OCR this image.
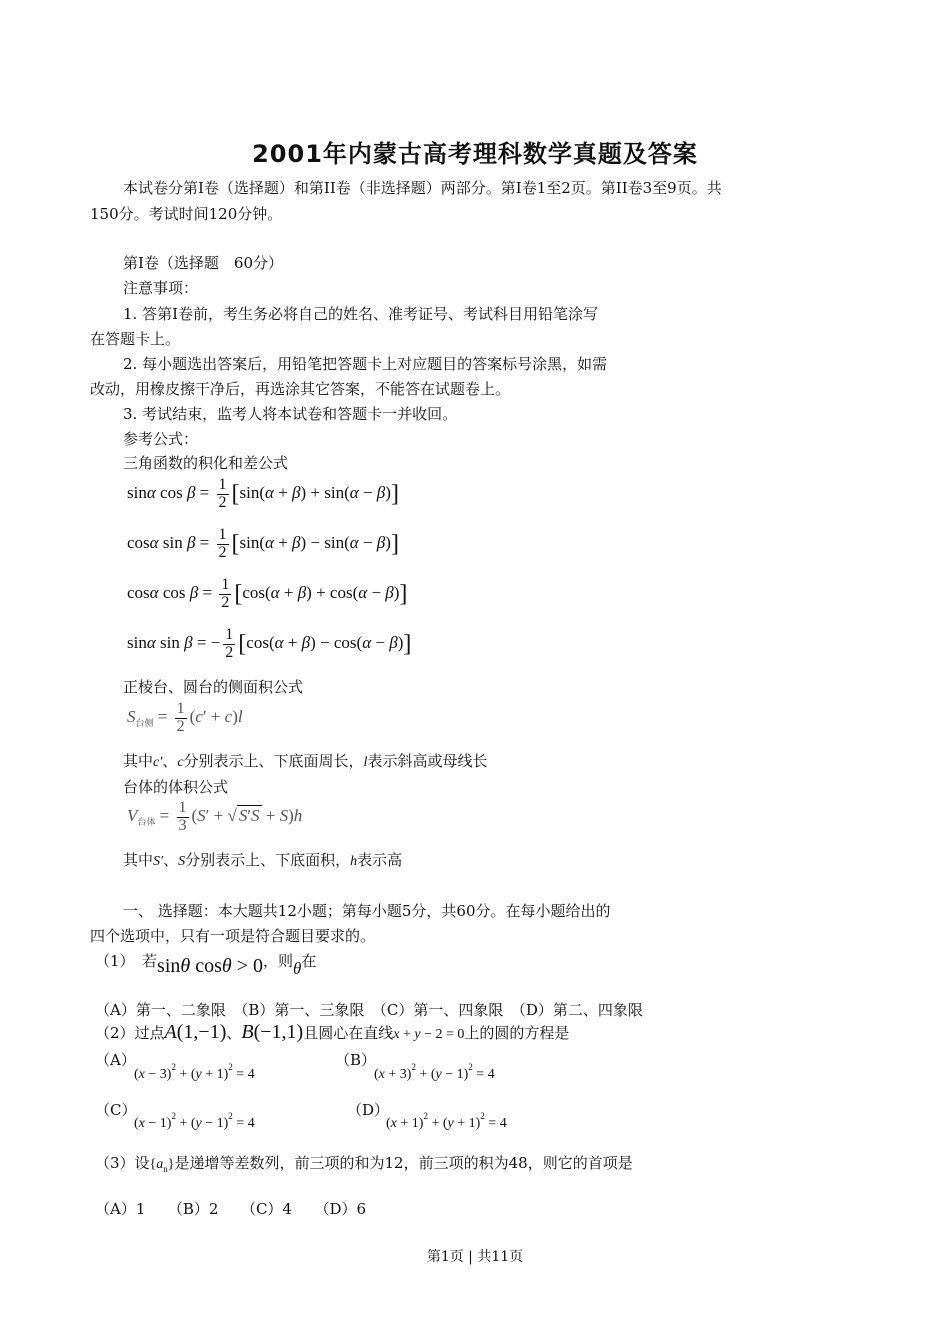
2001年内蒙古高考理科数学真题及答案
本试卷分第I卷（选择题）和第II卷（非选择题）两部分。第I卷1至2页。第II卷3至9页。共
150分。考试时间120分钟。
第I卷（选择题　60分）
注意事项：
1. 答第I卷前，考生务必将自己的姓名、准考证号、考试科目用铅笔涂写
在答题卡上。
2. 每小题选出答案后，用铅笔把答题卡上对应题目的答案标号涂黑，如需
改动，用橡皮擦干净后，再选涂其它答案，不能答在试题卷上。
3. 考试结束，监考人将本试卷和答题卡一并收回。
参考公式：
三角函数的积化和差公式
sinα $\cos \beta = \frac{1}{2} [\sin(\alpha + \beta) + \sin(\alpha - \beta)]$
cosα $\sin \beta = \frac{1}{2} [\sin(\alpha + \beta) - \sin(\alpha - \beta)]$
cosα $\cos \beta = \frac{1}{2} [\cos(\alpha + \beta) + \cos(\alpha - \beta)]$
sinα sin β = − $\frac{1}{2} [\cos(\alpha + \beta) - \cos(\alpha - \beta)]$
正棱台、圆台的侧面积公式
$S_{台侧} = \frac{1}{2} (c' + c)l$
其中c′、c分别表示上、下底面周长，l表示斜高或母线长
台体的体积公式
$V_{台体} = \frac{1}{3} (S'$ + √ S′S + S)h
其中S′、S分别表示上、下底面积，h表示高
一、 选择题：本大题共12小题；第每小题5分，共60分。在每小题给出的
四个选项中，只有一项是符合题目要求的。
（1）　若sinθ cosθ > 0，则θ在
（A）第一、二象限　（B）第一、三象限　（C）第一、四象限　（D）第二、四象限
（2）过点A(1,−1)、B(−1,1)且圆心在直线x + y − 2 = 0上的圆的方程是
（A）
$(x - 3)^2 + (y + 1)^2 = 4$
（B）
$(x + 3)^2 + (y - 1)^2 = 4$
（C）
$(x - 1)^2 + (y - 1)^2 = 4$
（D）
$(x + 1)^2 + (y + 1)^2 = 4$
（3）设$\{a_n\}$是递增等差数列，前三项的和为12，前三项的积为48，则它的首项是
（A）1　　（B）2　　（C）4　　（D）6
第1页 | 共11页
